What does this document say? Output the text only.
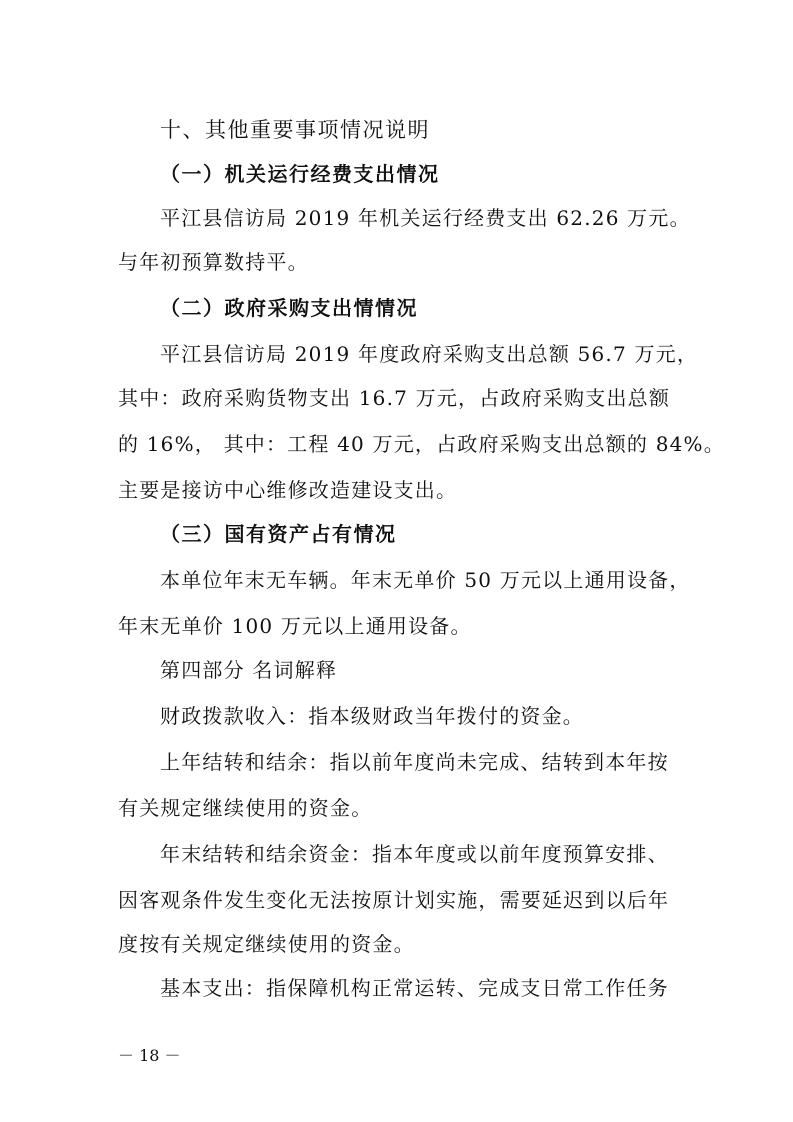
十、其他重要事项情况说明
（一）机关运行经费支出情况
平江县信访局 2019 年机关运行经费支出 62.26 万元。
与年初预算数持平。
（二）政府采购支出情情况
平江县信访局 2019 年度政府采购支出总额 56.7 万元，
其中：政府采购货物支出 16.7 万元，占政府采购支出总额
的 16%， 其中：工程 40 万元，占政府采购支出总额的 84%。
主要是接访中心维修改造建设支出。
（三）国有资产占有情况
本单位年末无车辆。年末无单价 50 万元以上通用设备，
年末无单价 100 万元以上通用设备。
第四部分 名词解释
财政拨款收入：指本级财政当年拨付的资金。
上年结转和结余：指以前年度尚未完成、结转到本年按
有关规定继续使用的资金。
年末结转和结余资金：指本年度或以前年度预算安排、
因客观条件发生变化无法按原计划实施，需要延迟到以后年
度按有关规定继续使用的资金。
基本支出：指保障机构正常运转、完成支日常工作任务
－ 18 －
